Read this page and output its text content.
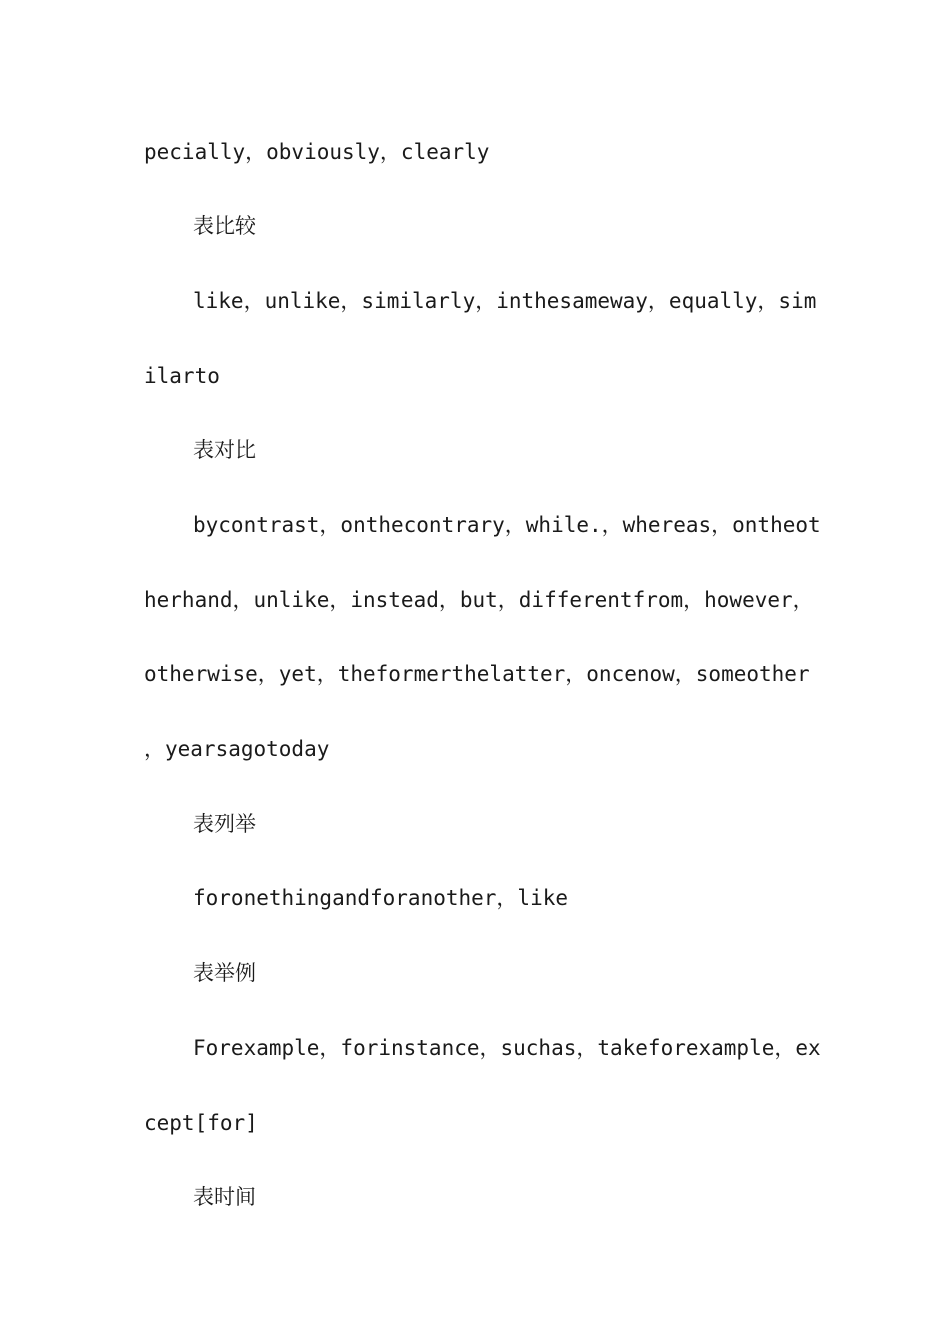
pecially，obviously，clearly
表比较
like，unlike，similarly，inthesameway，equally，sim
ilarto
表对比
bycontrast，onthecontrary，while.，whereas，ontheot
herhand，unlike，instead，but，differentfrom，however，
otherwise，yet，theformerthelatter，oncenow，someother
，yearsagotoday
表列举
foronethingandforanother，like
表举例
Forexample，forinstance，suchas，takeforexample，ex
cept[for]
表时间
